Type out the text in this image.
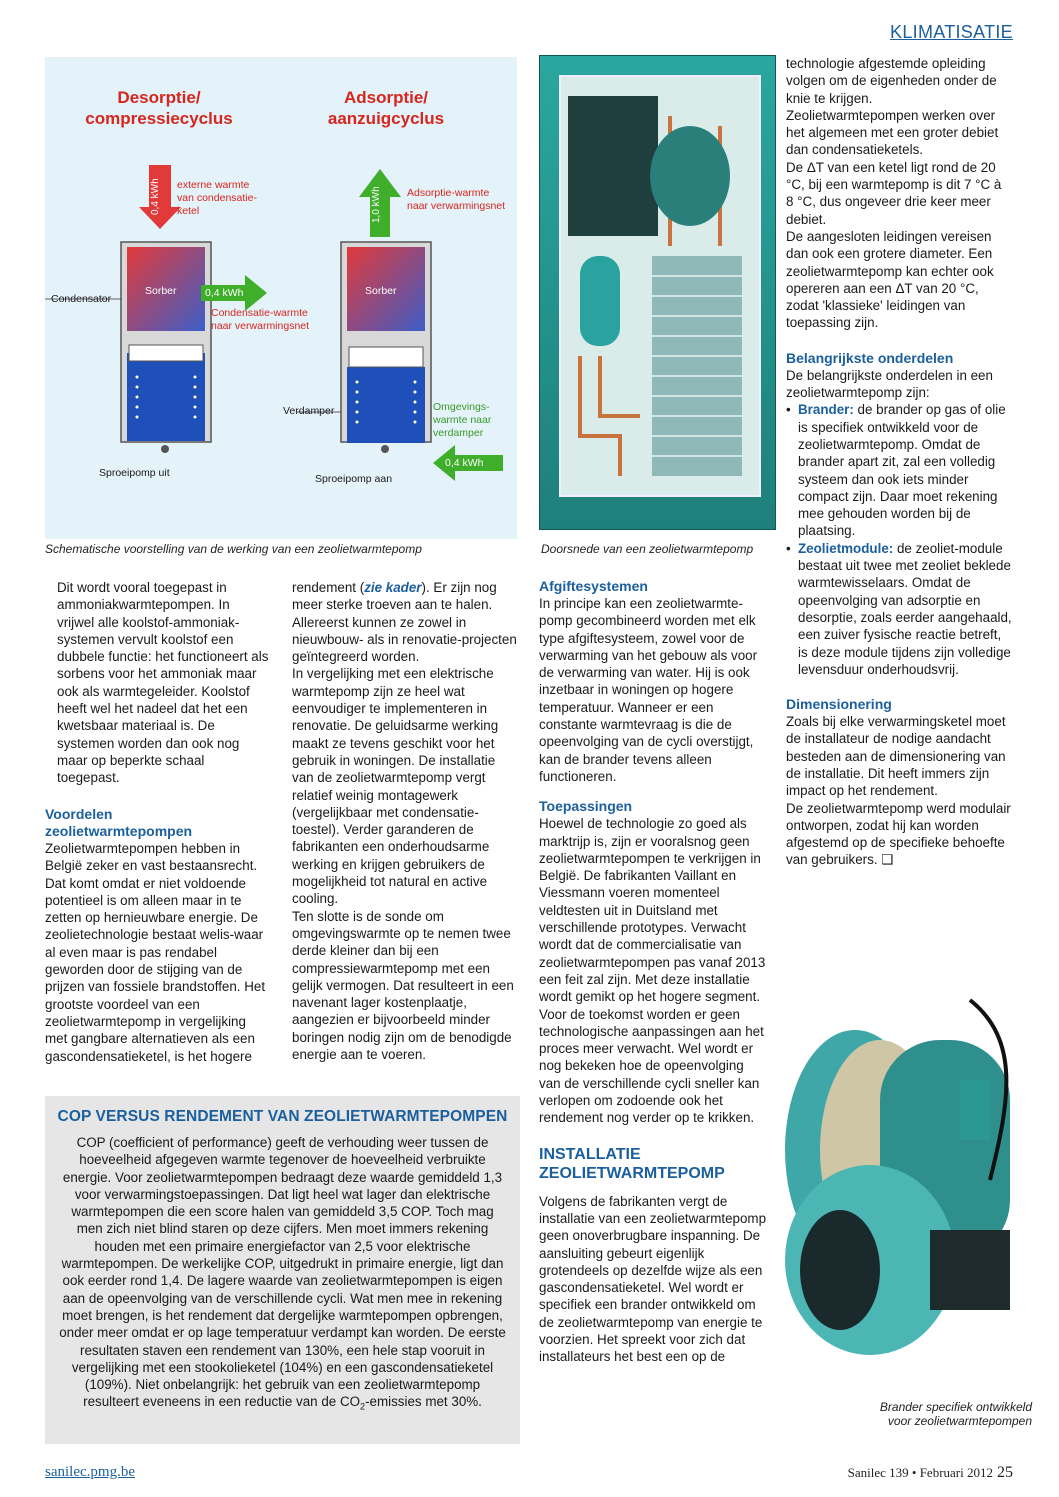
KLIMATISATIE
Desorptie/
compressiecyclus
Adsorptie/
aanzuigcyclus
0,4 kWh	externe warmte van condensatie-ketel
Sorber
Condensator	0,4 kWh
Condensatie-warmte naar verwarmingsnet
Sproeipomp uit
1,0 kWh	Adsorptie-warmte naar verwarmingsnet
Sorber
Verdamper	Omgevings-warmte naar verdamper
0,4 kWh
Sproeipomp aan
Schematische voorstelling van de werking van een zeolietwarmtepomp	Doorsnede van een zeolietwarmtepomp

Dit wordt vooral toegepast in ammoniakwarmtepompen. In vrijwel alle koolstof-ammoniak-systemen vervult koolstof een dubbele functie: het functioneert als sorbens voor het ammoniak maar ook als warmtegeleider. Koolstof heeft wel het nadeel dat het een kwetsbaar materiaal is. De systemen worden dan ook nog maar op beperkte schaal toegepast.

Voordelen
zeolietwarmtepompen

Zeolietwarmtepompen hebben in België zeker en vast bestaansrecht. Dat komt omdat er niet voldoende potentieel is om alleen maar in te zetten op hernieuwbare energie. De zeolietechnologie bestaat welis-waar al even maar is pas rendabel geworden door de stijging van de prijzen van fossiele brandstoffen. Het grootste voordeel van een zeolietwarmtepomp in vergelijking met gangbare alternatieven als een gascondensatieketel, is het hogere

rendement (zie kader). Er zijn nog meer sterke troeven aan te halen. Allereerst kunnen ze zowel in nieuwbouw- als in renovatie-projecten geïntegreerd worden.

In vergelijking met een elektrische warmtepomp zijn ze heel wat eenvoudiger te implementeren in renovatie. De geluidsarme werking maakt ze tevens geschikt voor het gebruik in woningen. De installatie van de zeolietwarmtepomp vergt relatief weinig montagewerk (vergelijkbaar met condensatie-toestel). Verder garanderen de fabrikanten een onderhoudsarme werking en krijgen gebruikers de mogelijkheid tot natural en active cooling.

Ten slotte is de sonde om omgevingswarmte op te nemen twee derde kleiner dan bij een compressiewarmtepomp met een gelijk vermogen. Dat resulteert in een navenant lager kostenplaatje, aangezien er bijvoorbeeld minder boringen nodig zijn om de benodigde energie aan te voeren.

Afgiftesystemen

In principe kan een zeolietwarmte-pomp gecombineerd worden met elk type afgiftesysteem, zowel voor de verwarming van het gebouw als voor de verwarming van water. Hij is ook inzetbaar in woningen op hogere temperatuur. Wanneer er een constante warmtevraag is die de opeenvolging van de cycli overstijgt, kan de brander tevens alleen functioneren.

Toepassingen

Hoewel de technologie zo goed als marktrijp is, zijn er vooralsnog geen zeolietwarmtepompen te verkrijgen in België. De fabrikanten Vaillant en Viessmann voeren momenteel veldtesten uit in Duitsland met verschillende prototypes. Verwacht wordt dat de commercialisatie van zeolietwarmtepompen pas vanaf 2013 een feit zal zijn. Met deze installatie wordt gemikt op het hogere segment. Voor de toekomst worden er geen technologische aanpassingen aan het proces meer verwacht. Wel wordt er nog bekeken hoe de opeenvolging van de verschillende cycli sneller kan verlopen om zodoende ook het rendement nog verder op te krikken.

INSTALLATIE
ZEOLIETWARMTEPOMP

Volgens de fabrikanten vergt de installatie van een zeolietwarmtepomp geen onoverbrugbare inspanning. De aansluiting gebeurt eigenlijk grotendeels op dezelfde wijze als een gascondensatieketel. Wel wordt er specifiek een brander ontwikkeld om de zeolietwarmtepomp van energie te voorzien. Het spreekt voor zich dat installateurs het best een op de

technologie afgestemde opleiding volgen om de eigenheden onder de knie te krijgen.

Zeolietwarmtepompen werken over het algemeen met een groter debiet dan condensatieketels.

De ΔT van een ketel ligt rond de 20 °C, bij een warmtepomp is dit 7 °C à 8 °C, dus ongeveer drie keer meer debiet.

De aangesloten leidingen vereisen dan ook een grotere diameter. Een zeolietwarmtepomp kan echter ook opereren aan een ΔT van 20 °C, zodat 'klassieke' leidingen van toepassing zijn.

Belangrijkste onderdelen

De belangrijkste onderdelen in een zeolietwarmtepomp zijn:

• Brander: de brander op gas of olie is specifiek ontwikkeld voor de zeolietwarmtepomp. Omdat de brander apart zit, zal een volledig systeem dan ook iets minder compact zijn. Daar moet rekening mee gehouden worden bij de plaatsing.
• Zeolietmodule: de zeoliet-module bestaat uit twee met zeoliet beklede warmtewisselaars. Omdat de opeenvolging van adsorptie en desorptie, zoals eerder aangehaald, een zuiver fysische reactie betreft, is deze module tijdens zijn volledige levensduur onderhoudsvrij.
Dimensionering

Zoals bij elke verwarmingsketel moet de installateur de nodige aandacht besteden aan de dimensionering van de installatie. Dit heeft immers zijn impact op het rendement.

De zeolietwarmtepomp werd modulair ontworpen, zodat hij kan worden afgestemd op de specifieke behoefte van gebruikers. ❑

Brander specifiek ontwikkeld
voor zeolietwarmtepompen
COP VERSUS RENDEMENT VAN ZEOLIETWARMTEPOMPEN
COP (coefficient of performance) geeft de verhouding weer tussen de hoeveelheid afgegeven warmte tegenover de hoeveelheid verbruikte energie. Voor zeolietwarmtepompen bedraagt deze waarde gemiddeld 1,3 voor verwarmingstoepassingen. Dat ligt heel wat lager dan elektrische warmtepompen die een score halen van gemiddeld 3,5 COP. Toch mag men zich niet blind staren op deze cijfers. Men moet immers rekening houden met een primaire energiefactor van 2,5 voor elektrische warmtepompen. De werkelijke COP, uitgedrukt in primaire energie, ligt dan ook eerder rond 1,4. De lagere waarde van zeolietwarmtepompen is eigen aan de opeenvolging van de verschillende cycli. Wat men mee in rekening moet brengen, is het rendement dat dergelijke warmtepompen opbrengen, onder meer omdat er op lage temperatuur verdampt kan worden. De eerste resultaten staven een rendement van 130%, een hele stap vooruit in vergelijking met een stookolieketel (104%) en een gascondensatieketel (109%). Niet onbelangrijk: het gebruik van een zeolietwarmtepomp resulteert eveneens in een reductie van de $CO_2$-emissies met 30%.
sanilec.pmg.be	Sanilec 139 • Februari 2012 25
